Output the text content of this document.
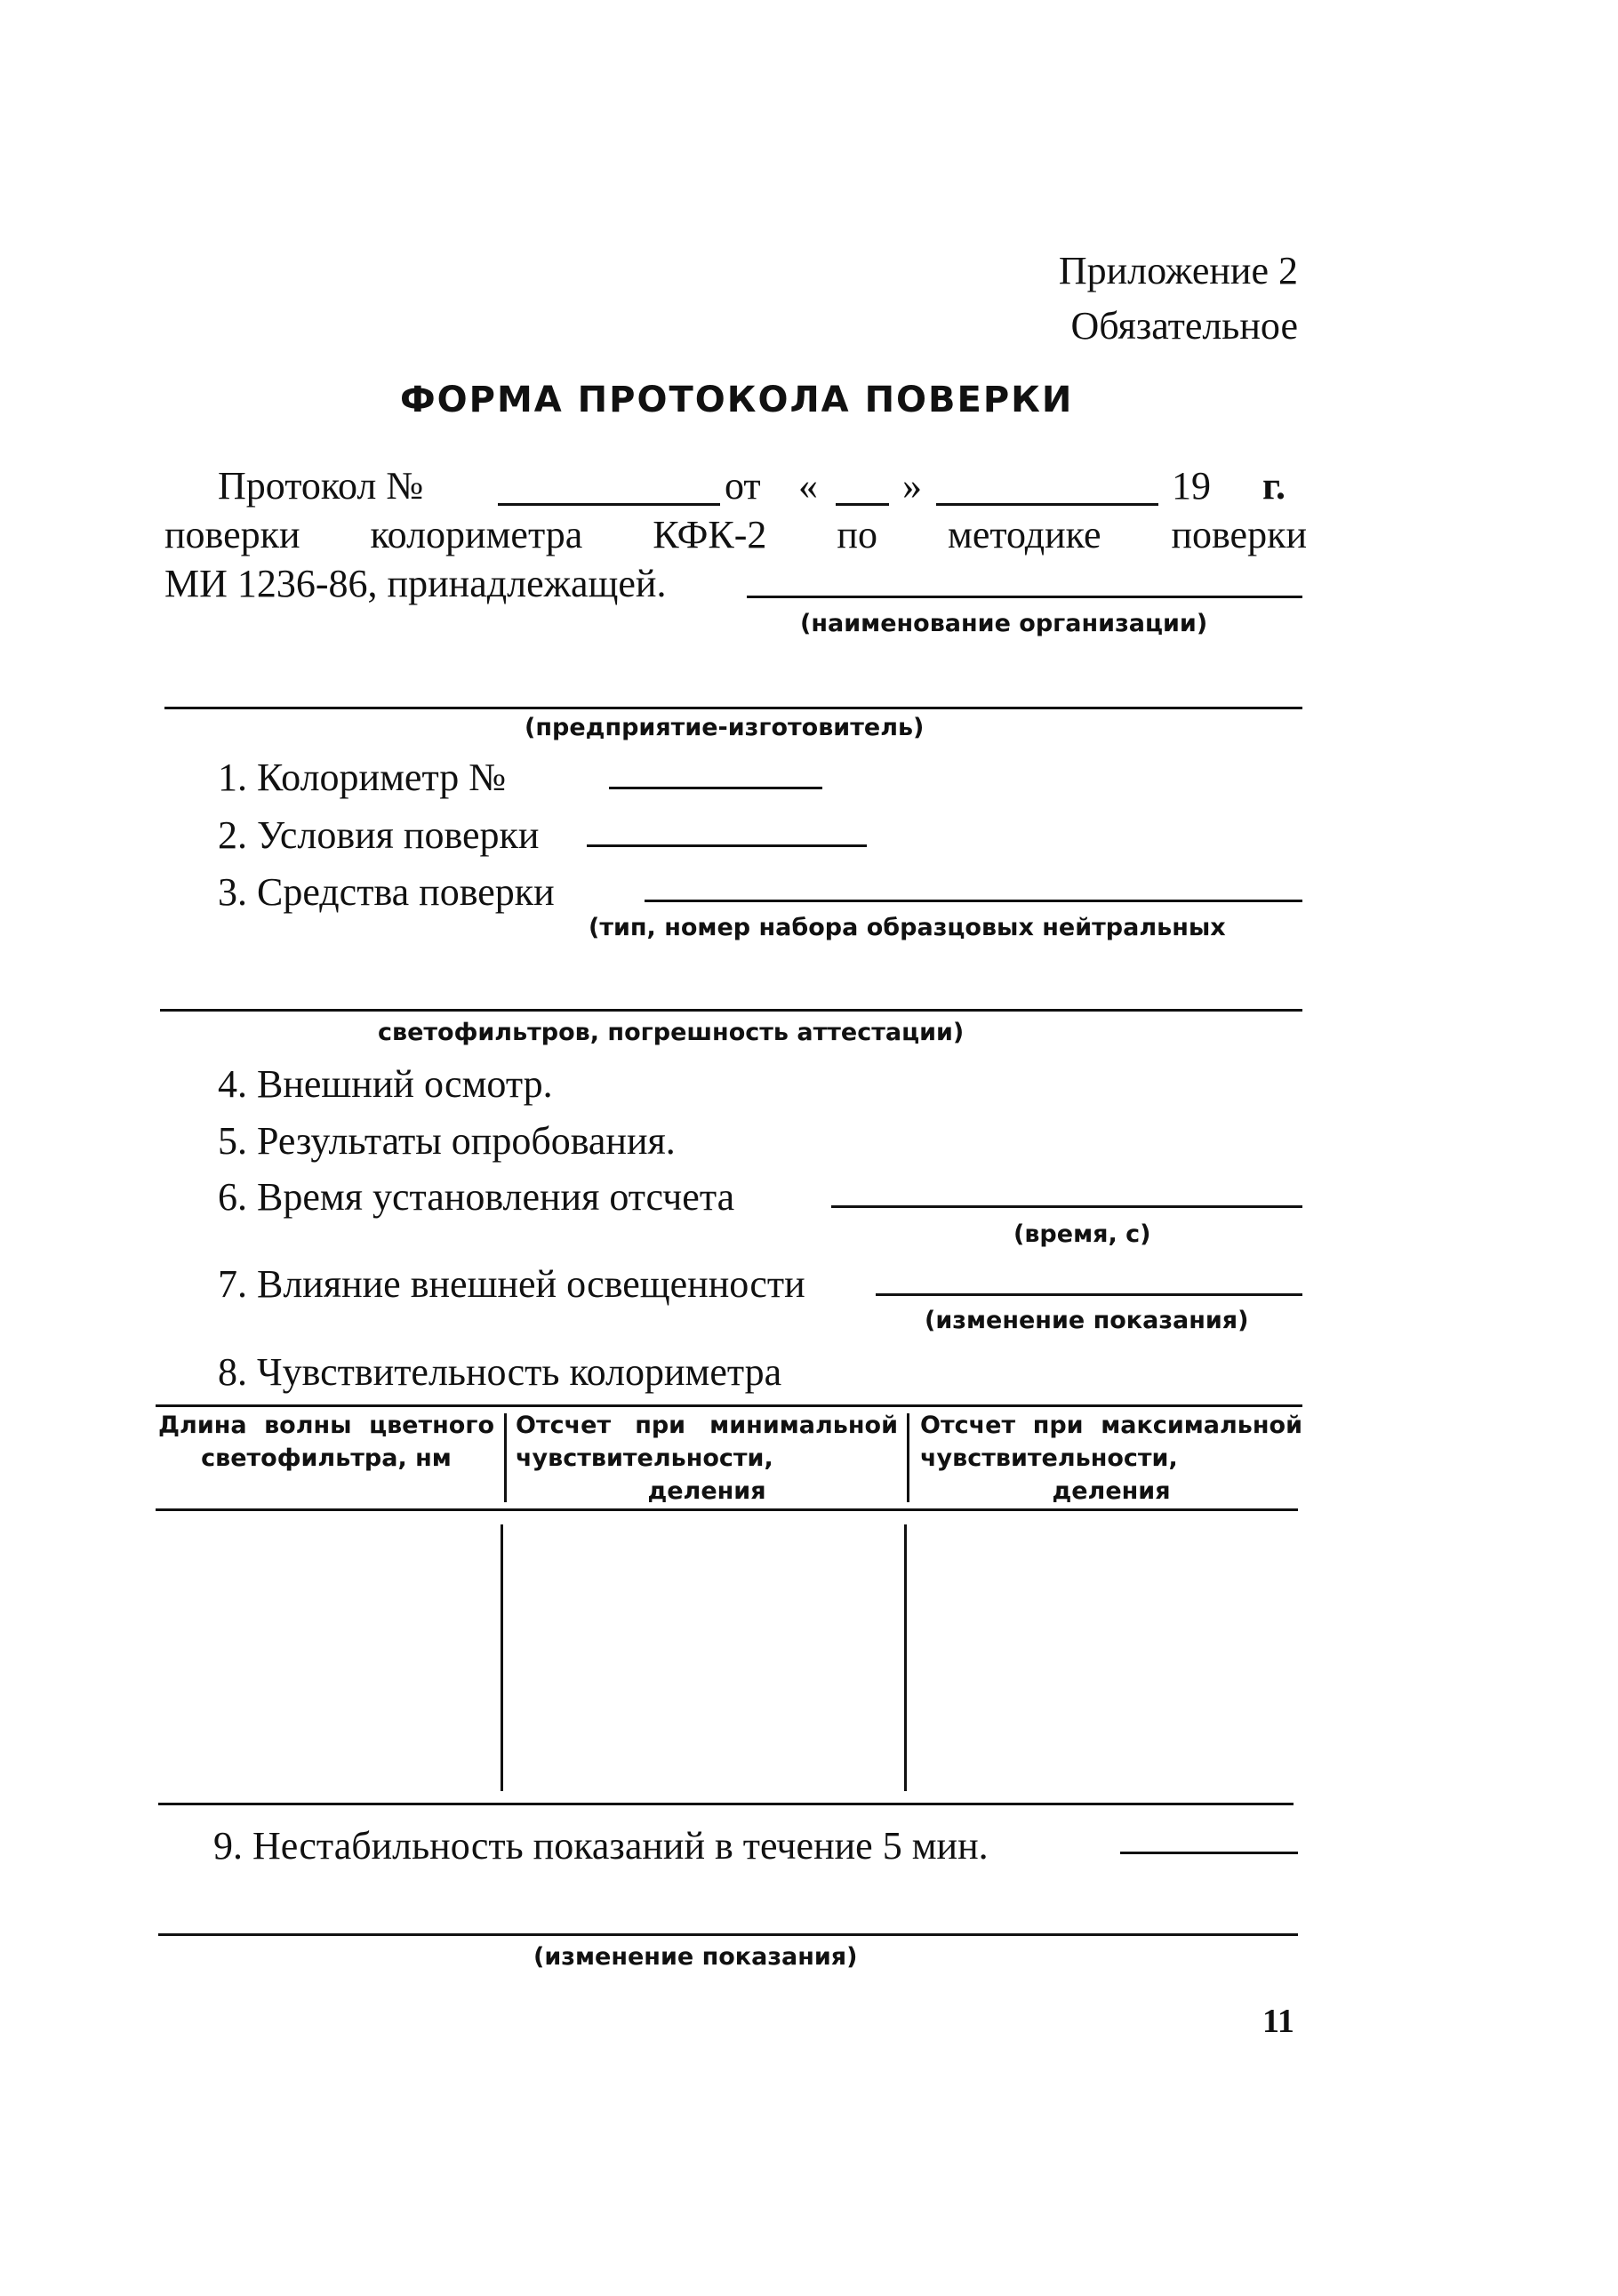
Приложение 2
Обязательное
ФОРМА ПРОТОКОЛА ПОВЕРКИ
Протокол №	от « »	19 г.
поверки колориметра КФК-2 по методике поверки
МИ 1236-86, принадлежащей.
(наименование организации)
(предприятие-изготовитель)
1. Колориметр №
2. Условия поверки
3. Средства поверки
(тип, номер набора образцовых нейтральных
светофильтров, погрешность аттестации)
4. Внешний осмотр.
5. Результаты опробования.
6. Время установления отсчета
(время, с)
7. Влияние внешней освещенности
(изменение показания)
8. Чувствительность колориметра
Длина волны цветного светофильтра, нм
Отсчет при минимальной чувствительности, деления
Отсчет при максимальной чувствительности, деления
9. Нестабильность показаний в течение 5 мин.
(изменение показания)
11
